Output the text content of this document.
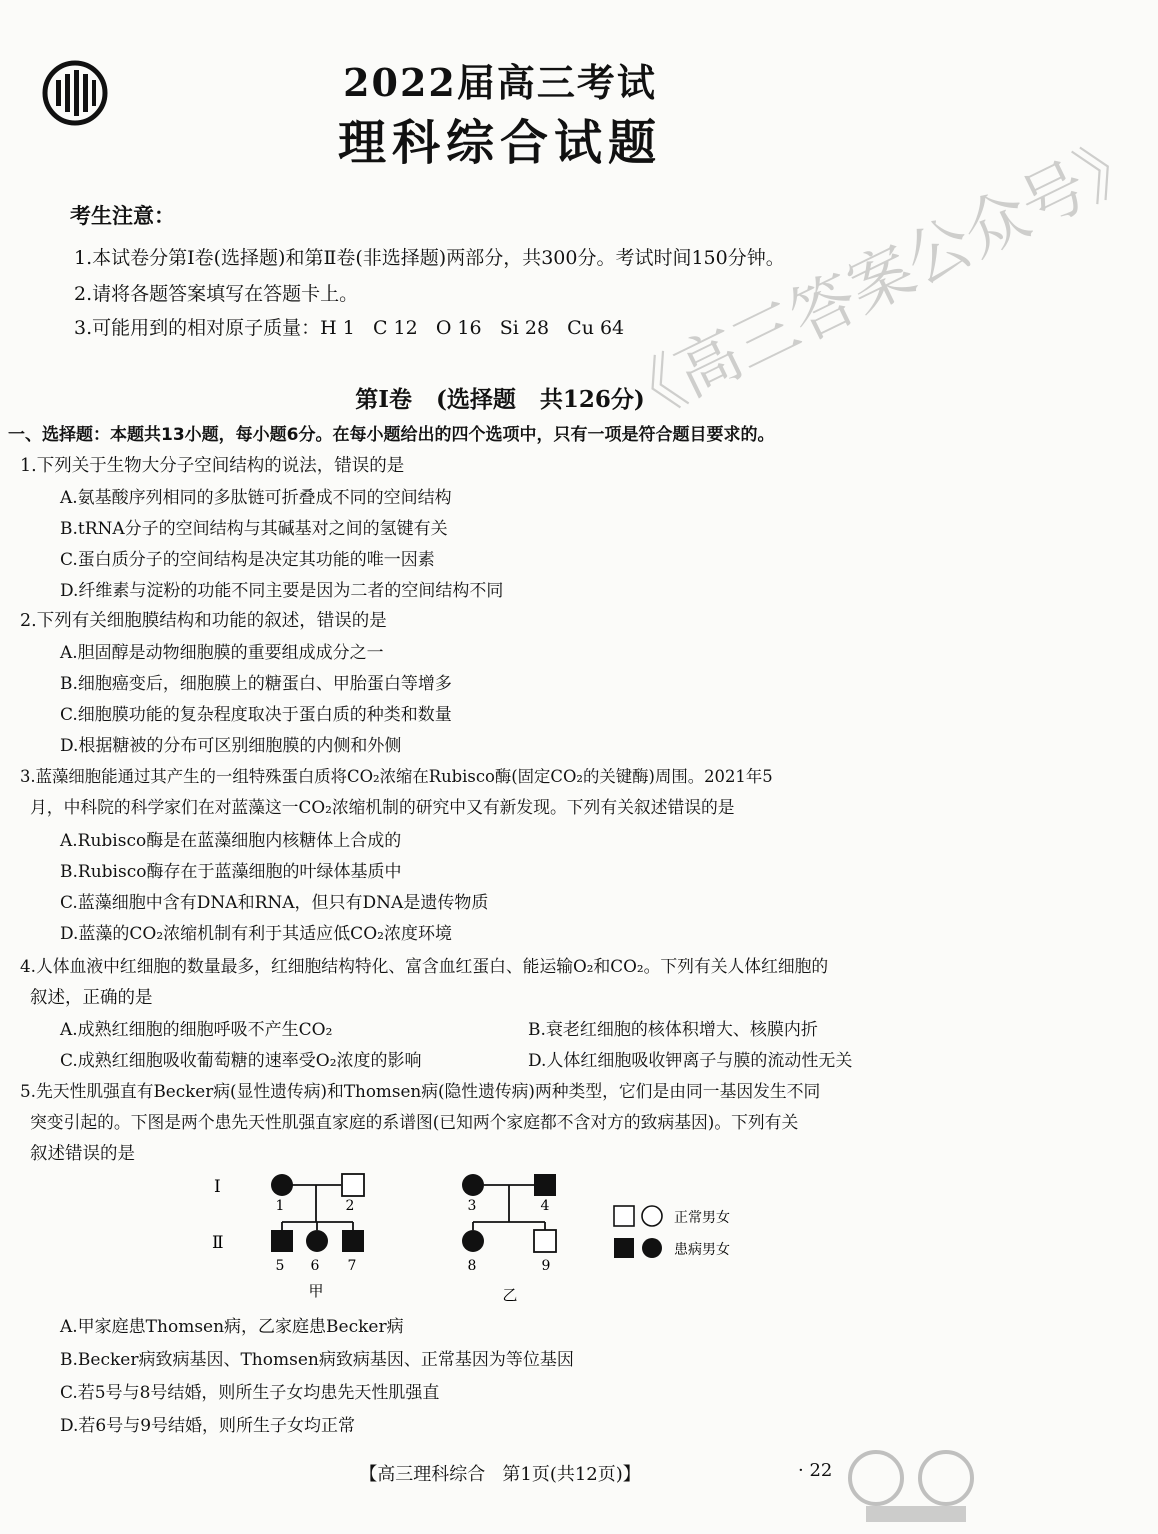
2022届高三考试
理科综合试题
考生注意：
1.本试卷分第Ⅰ卷(选择题)和第Ⅱ卷(非选择题)两部分，共300分。考试时间150分钟。
2.请将各题答案填写在答题卡上。
3.可能用到的相对原子质量：H 1   C 12   O 16   Si 28   Cu 64
第Ⅰ卷   (选择题   共126分)
一、选择题：本题共13小题，每小题6分。在每小题给出的四个选项中，只有一项是符合题目要求的。
1.下列关于生物大分子空间结构的说法，错误的是
A.氨基酸序列相同的多肽链可折叠成不同的空间结构
B.tRNA分子的空间结构与其碱基对之间的氢键有关
C.蛋白质分子的空间结构是决定其功能的唯一因素
D.纤维素与淀粉的功能不同主要是因为二者的空间结构不同
2.下列有关细胞膜结构和功能的叙述，错误的是
A.胆固醇是动物细胞膜的重要组成成分之一
B.细胞癌变后，细胞膜上的糖蛋白、甲胎蛋白等增多
C.细胞膜功能的复杂程度取决于蛋白质的种类和数量
D.根据糖被的分布可区别细胞膜的内侧和外侧
3.蓝藻细胞能通过其产生的一组特殊蛋白质将CO₂浓缩在Rubisco酶(固定CO₂的关键酶)周围。2021年5
月，中科院的科学家们在对蓝藻这一CO₂浓缩机制的研究中又有新发现。下列有关叙述错误的是
A.Rubisco酶是在蓝藻细胞内核糖体上合成的
B.Rubisco酶存在于蓝藻细胞的叶绿体基质中
C.蓝藻细胞中含有DNA和RNA，但只有DNA是遗传物质
D.蓝藻的CO₂浓缩机制有利于其适应低CO₂浓度环境
4.人体血液中红细胞的数量最多，红细胞结构特化、富含血红蛋白、能运输O₂和CO₂。下列有关人体红细胞的
叙述，正确的是
A.成熟红细胞的细胞呼吸不产生CO₂	B.衰老红细胞的核体积增大、核膜内折
C.成熟红细胞吸收葡萄糖的速率受O₂浓度的影响	D.人体红细胞吸收钾离子与膜的流动性无关
5.先天性肌强直有Becker病(显性遗传病)和Thomsen病(隐性遗传病)两种类型，它们是由同一基因发生不同
突变引起的。下图是两个患先天性肌强直家庭的系谱图(已知两个家庭都不含对方的致病基因)。下列有关
叙述错误的是
Ⅰ
Ⅱ
1	2	3	4
5 6 7	8	9
甲	乙
正常男女
患病男女
A.甲家庭患Thomsen病，乙家庭患Becker病
B.Becker病致病基因、Thomsen病致病基因、正常基因为等位基因
C.若5号与8号结婚，则所生子女均患先天性肌强直
D.若6号与9号结婚，则所生子女均正常
《高三答案公众号》
【高三理科综合   第1页(共12页)】	· 22
